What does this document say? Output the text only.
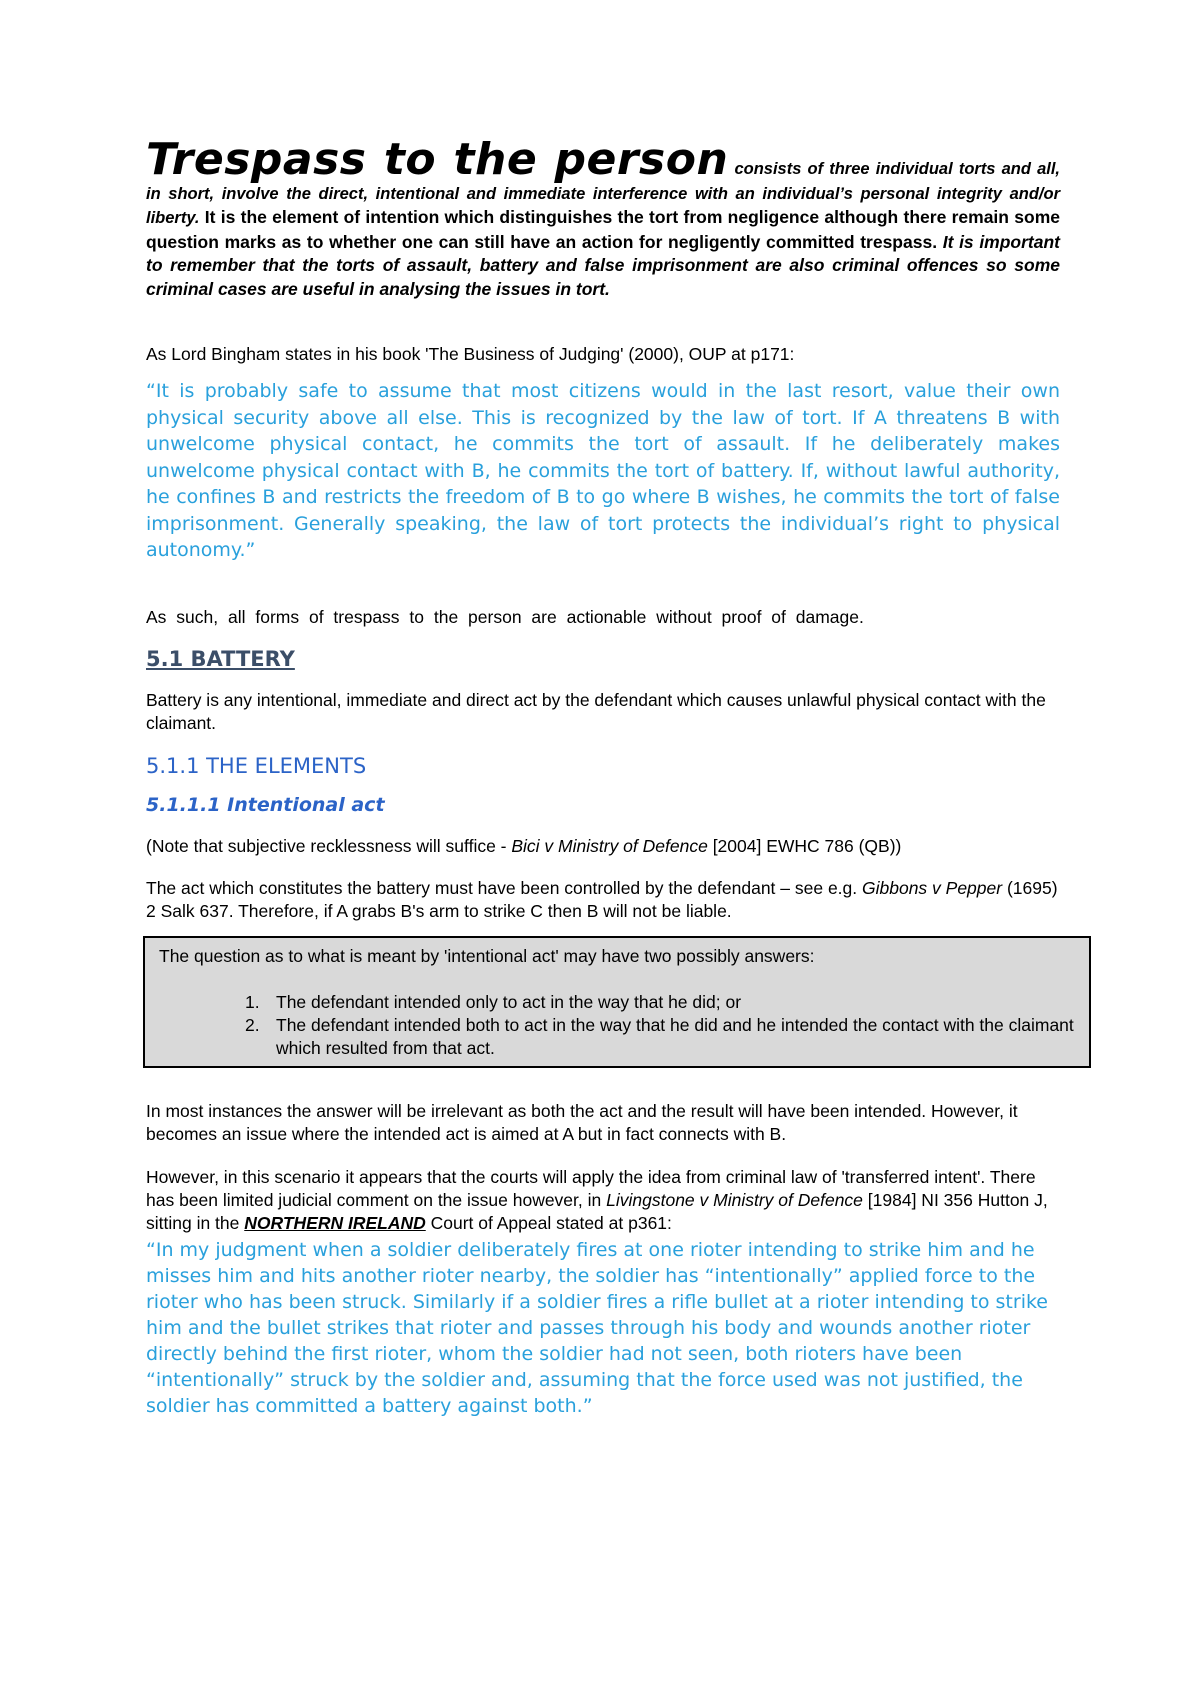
Trespass to the person consists of three individual torts and all, in short, involve the direct, intentional and immediate interference with an individual’s personal integrity and/or liberty. It is the element of intention which distinguishes the tort from negligence although there remain some question marks as to whether one can still have an action for negligently committed trespass. It is important to remember that the torts of assault, battery and false imprisonment are also criminal offences so some criminal cases are useful in analysing the issues in tort.

As Lord Bingham states in his book 'The Business of Judging' (2000), OUP at p171:

“It is probably safe to assume that most citizens would in the last resort, value their own physical security above all else. This is recognized by the law of tort. If A threatens B with unwelcome physical contact, he commits the tort of assault. If he deliberately makes unwelcome physical contact with B, he commits the tort of battery. If, without lawful authority, he confines B and restricts the freedom of B to go where B wishes, he commits the tort of false imprisonment. Generally speaking, the law of tort protects the individual’s right to physical autonomy.”

As such, all forms of trespass to the person are actionable without proof of damage.

5.1 BATTERY

Battery is any intentional, immediate and direct act by the defendant which causes unlawful physical contact with the claimant.

5.1.1 THE ELEMENTS

5.1.1.1 Intentional act

(Note that subjective recklessness will suffice - Bici v Ministry of Defence [2004] EWHC 786 (QB))

The act which constitutes the battery must have been controlled by the defendant – see e.g. Gibbons v Pepper (1695) 2 Salk 637. Therefore, if A grabs B's arm to strike C then B will not be liable.

The question as to what is meant by 'intentional act' may have two possibly answers:

1. The defendant intended only to act in the way that he did; or
2. The defendant intended both to act in the way that he did and he intended the contact with the claimant which resulted from that act.

In most instances the answer will be irrelevant as both the act and the result will have been intended. However, it becomes an issue where the intended act is aimed at A but in fact connects with B.

However, in this scenario it appears that the courts will apply the idea from criminal law of 'transferred intent'. There has been limited judicial comment on the issue however, in Livingstone v Ministry of Defence [1984] NI 356 Hutton J, sitting in the NORTHERN IRELAND Court of Appeal stated at p361:

“In my judgment when a soldier deliberately fires at one rioter intending to strike him and he misses him and hits another rioter nearby, the soldier has “intentionally” applied force to the rioter who has been struck. Similarly if a soldier fires a rifle bullet at a rioter intending to strike him and the bullet strikes that rioter and passes through his body and wounds another rioter directly behind the first rioter, whom the soldier had not seen, both rioters have been “intentionally” struck by the soldier and, assuming that the force used was not justified, the soldier has committed a battery against both.”
